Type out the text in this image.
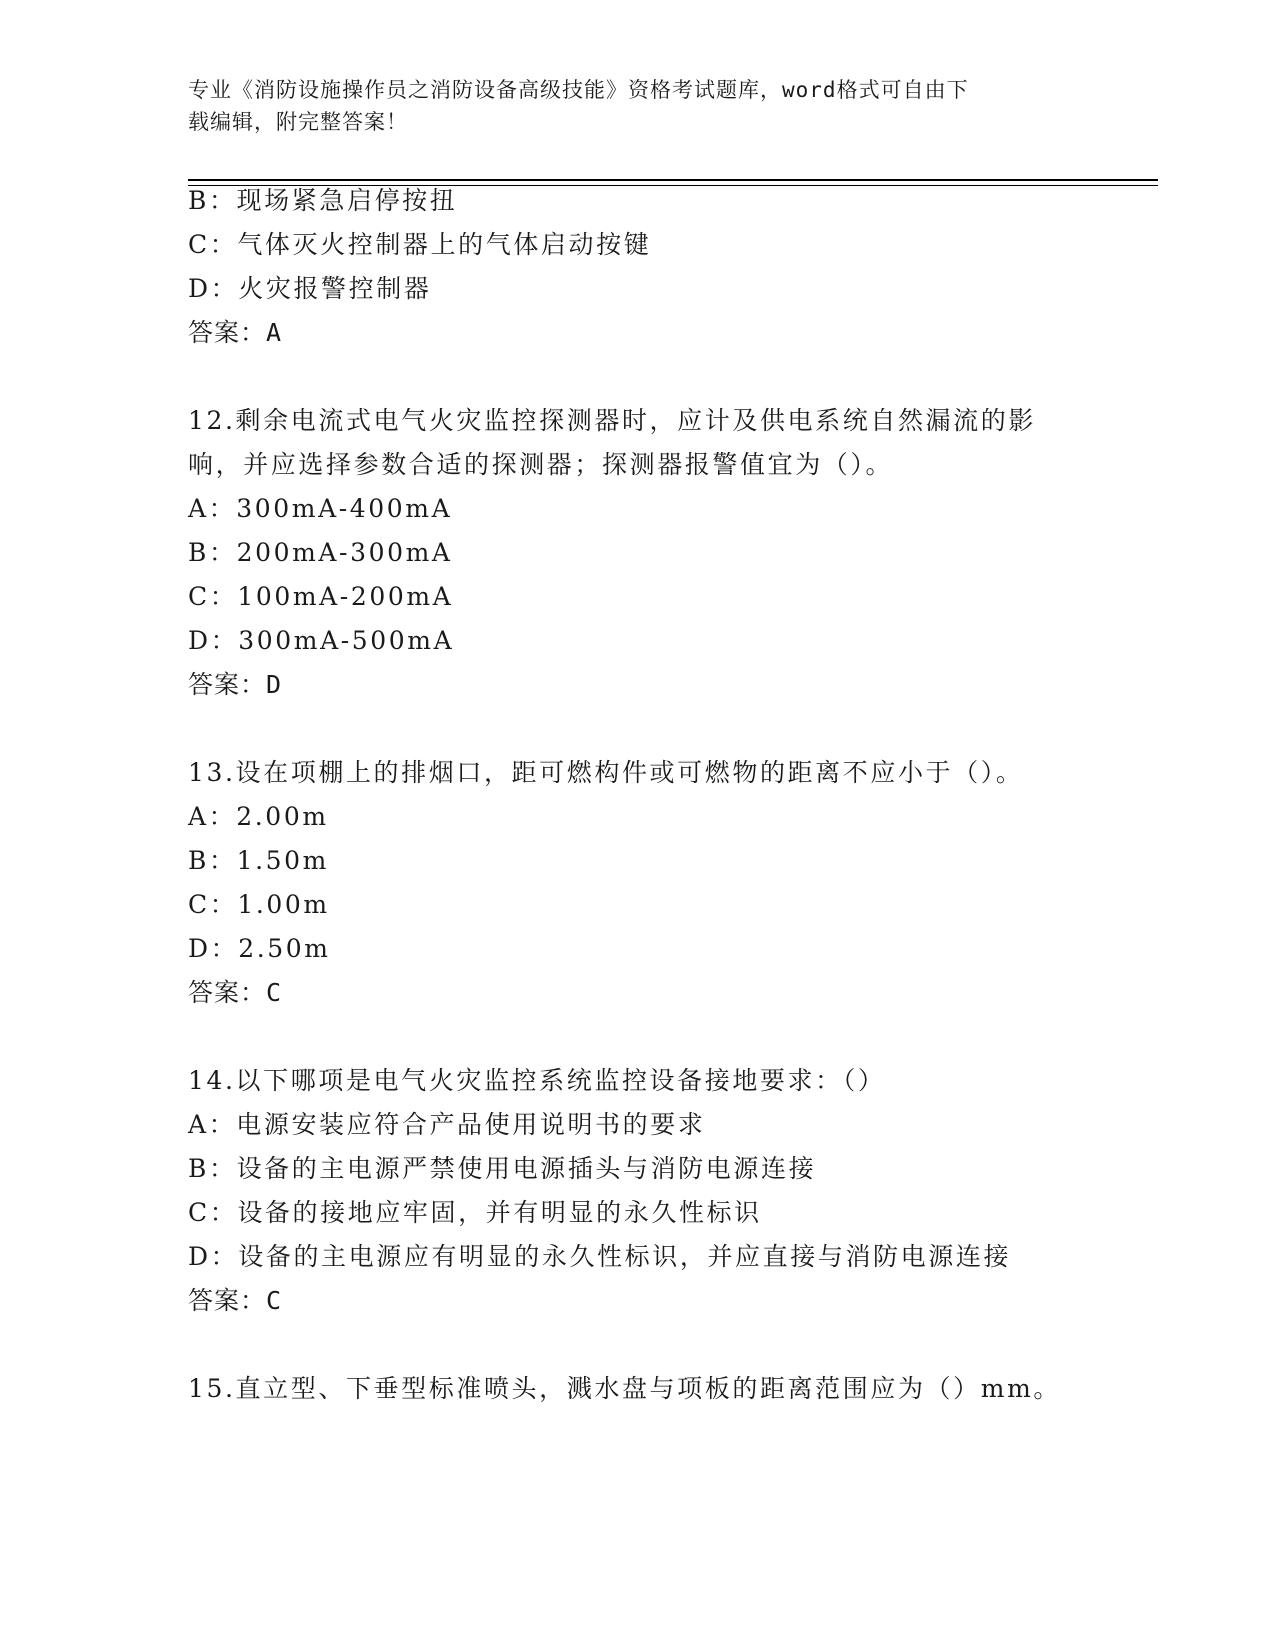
专业《消防设施操作员之消防设备高级技能》资格考试题库，word格式可自由下
载编辑，附完整答案！
B：现场紧急启停按扭
C：气体灭火控制器上的气体启动按键
D：火灾报警控制器
答案：A
12.剩余电流式电气火灾监控探测器时，应计及供电系统自然漏流的影
响，并应选择参数合适的探测器；探测器报警值宜为（）。
A：300mA-400mA
B：200mA-300mA
C：100mA-200mA
D：300mA-500mA
答案：D
13.设在项棚上的排烟口，距可燃构件或可燃物的距离不应小于（）。
A：2.00m
B：1.50m
C：1.00m
D：2.50m
答案：C
14.以下哪项是电气火灾监控系统监控设备接地要求：（）
A：电源安装应符合产品使用说明书的要求
B：设备的主电源严禁使用电源插头与消防电源连接
C：设备的接地应牢固，并有明显的永久性标识
D：设备的主电源应有明显的永久性标识，并应直接与消防电源连接
答案：C
15.直立型、下垂型标准喷头，溅水盘与项板的距离范围应为（）mm。
